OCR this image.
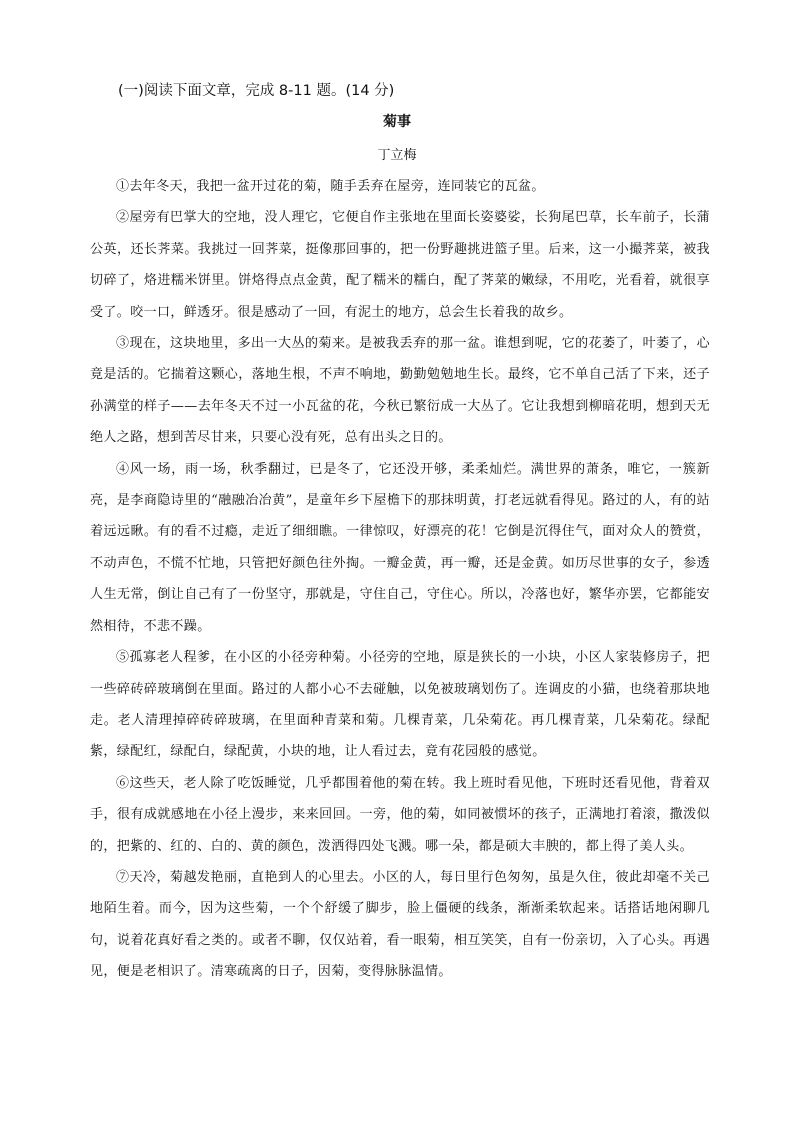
(一)阅读下面文章，完成 8-11 题。(14 分)
菊事
丁立梅

①去年冬天，我把一盆开过花的菊，随手丢弃在屋旁，连同装它的瓦盆。

②屋旁有巴掌大的空地，没人理它，它便自作主张地在里面长姿婆娑，长狗尾巴草，长车前子，长蒲公英，还长荠菜。我挑过一回荠菜，挺像那回事的，把一份野趣挑进篮子里。后来，这一小撮荠菜，被我切碎了，烙进糯米饼里。饼烙得点点金黄，配了糯米的糯白，配了荠菜的嫩绿，不用吃，光看着，就很享受了。咬一口，鲜透牙。很是感动了一回，有泥土的地方，总会生长着我的故乡。

③现在，这块地里，多出一大丛的菊来。是被我丢弃的那一盆。谁想到呢，它的花萎了，叶萎了，心竟是活的。它揣着这颗心，落地生根，不声不响地，勤勤勉勉地生长。最终，它不单自己活了下来，还子孙满堂的样子——去年冬天不过一小瓦盆的花，今秋已繁衍成一大丛了。它让我想到柳暗花明，想到天无绝人之路，想到苦尽甘来，只要心没有死，总有出头之日的。

④风一场，雨一场，秋季翻过，已是冬了，它还没开够，柔柔灿烂。满世界的萧条，唯它，一簇新亮，是李商隐诗里的“融融冶冶黄”，是童年乡下屋檐下的那抹明黄，打老远就看得见。路过的人，有的站着远远瞅。有的看不过瘾，走近了细细瞧。一律惊叹，好漂亮的花！它倒是沉得住气，面对众人的赞赏，不动声色，不慌不忙地，只管把好颜色往外掏。一瓣金黄，再一瓣，还是金黄。如历尽世事的女子，参透人生无常，倒让自己有了一份坚守，那就是，守住自己，守住心。所以，冷落也好，繁华亦罢，它都能安然相待，不悲不躁。

⑤孤寡老人程爹，在小区的小径旁种菊。小径旁的空地，原是狭长的一小块，小区人家装修房子，把一些碎砖碎玻璃倒在里面。路过的人都小心不去碰触，以免被玻璃划伤了。连调皮的小猫，也绕着那块地走。老人清理掉碎砖碎玻璃，在里面种青菜和菊。几棵青菜，几朵菊花。再几棵青菜，几朵菊花。绿配紫，绿配红，绿配白，绿配黄，小块的地，让人看过去，竟有花园般的感觉。

⑥这些天，老人除了吃饭睡觉，几乎都围着他的菊在转。我上班时看见他，下班时还看见他，背着双手，很有成就感地在小径上漫步，来来回回。一旁，他的菊，如同被惯坏的孩子，正满地打着滚，撒泼似的，把紫的、红的、白的、黄的颜色，泼洒得四处飞溅。哪一朵，都是硕大丰腴的，都上得了美人头。

⑦天冷，菊越发艳丽，直艳到人的心里去。小区的人，每日里行色匆匆，虽是久住，彼此却毫不关己地陌生着。而今，因为这些菊，一个个舒缓了脚步，脸上僵硬的线条，渐渐柔软起来。话搭话地闲聊几句，说着花真好看之类的。或者不聊，仅仅站着，看一眼菊，相互笑笑，自有一份亲切，入了心头。再遇见，便是老相识了。清寒疏离的日子，因菊，变得脉脉温情。
